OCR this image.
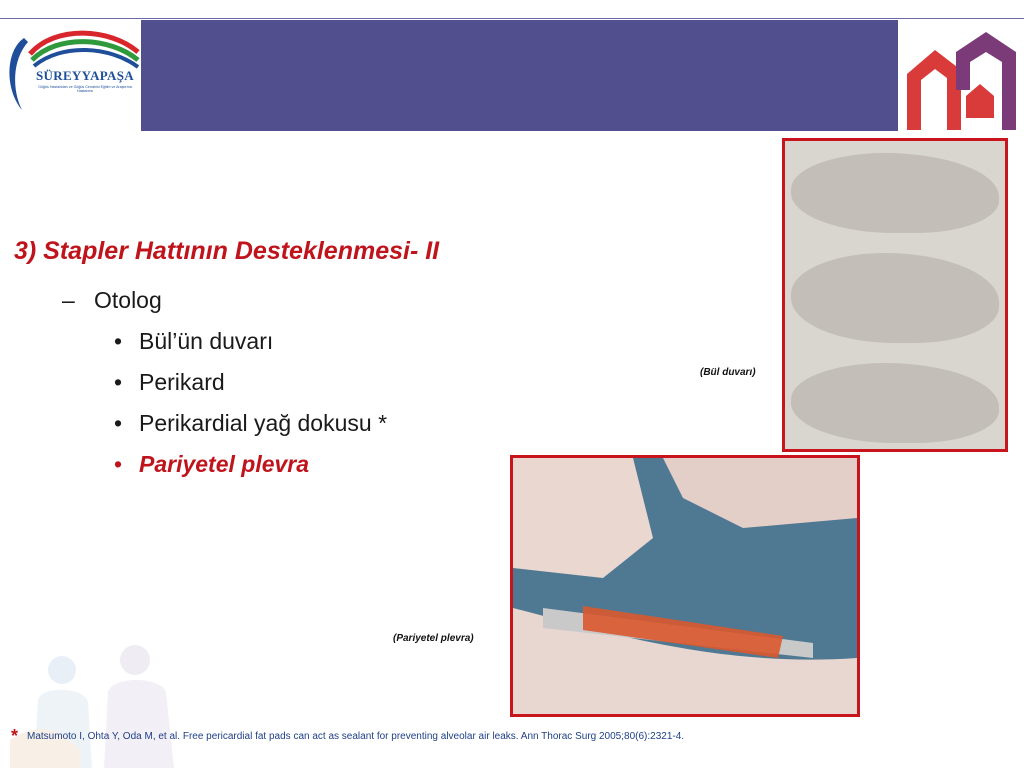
SÜREYYAPAŞA
Göğüs Hastalıkları ve Göğüs Cerrahisi Eğitim ve Araştırma Hastanesi
3) Stapler Hattının Desteklenmesi- II
– Otolog
• Bül’ün duvarı
• Perikard
• Perikardial yağ dokusu *
• Pariyetel plevra
(Bül duvarı)
(Pariyetel plevra)
* Matsumoto I, Ohta Y, Oda M, et al. Free pericardial fat pads can act as sealant for preventing alveolar air leaks. Ann Thorac Surg 2005;80(6):2321-4.
